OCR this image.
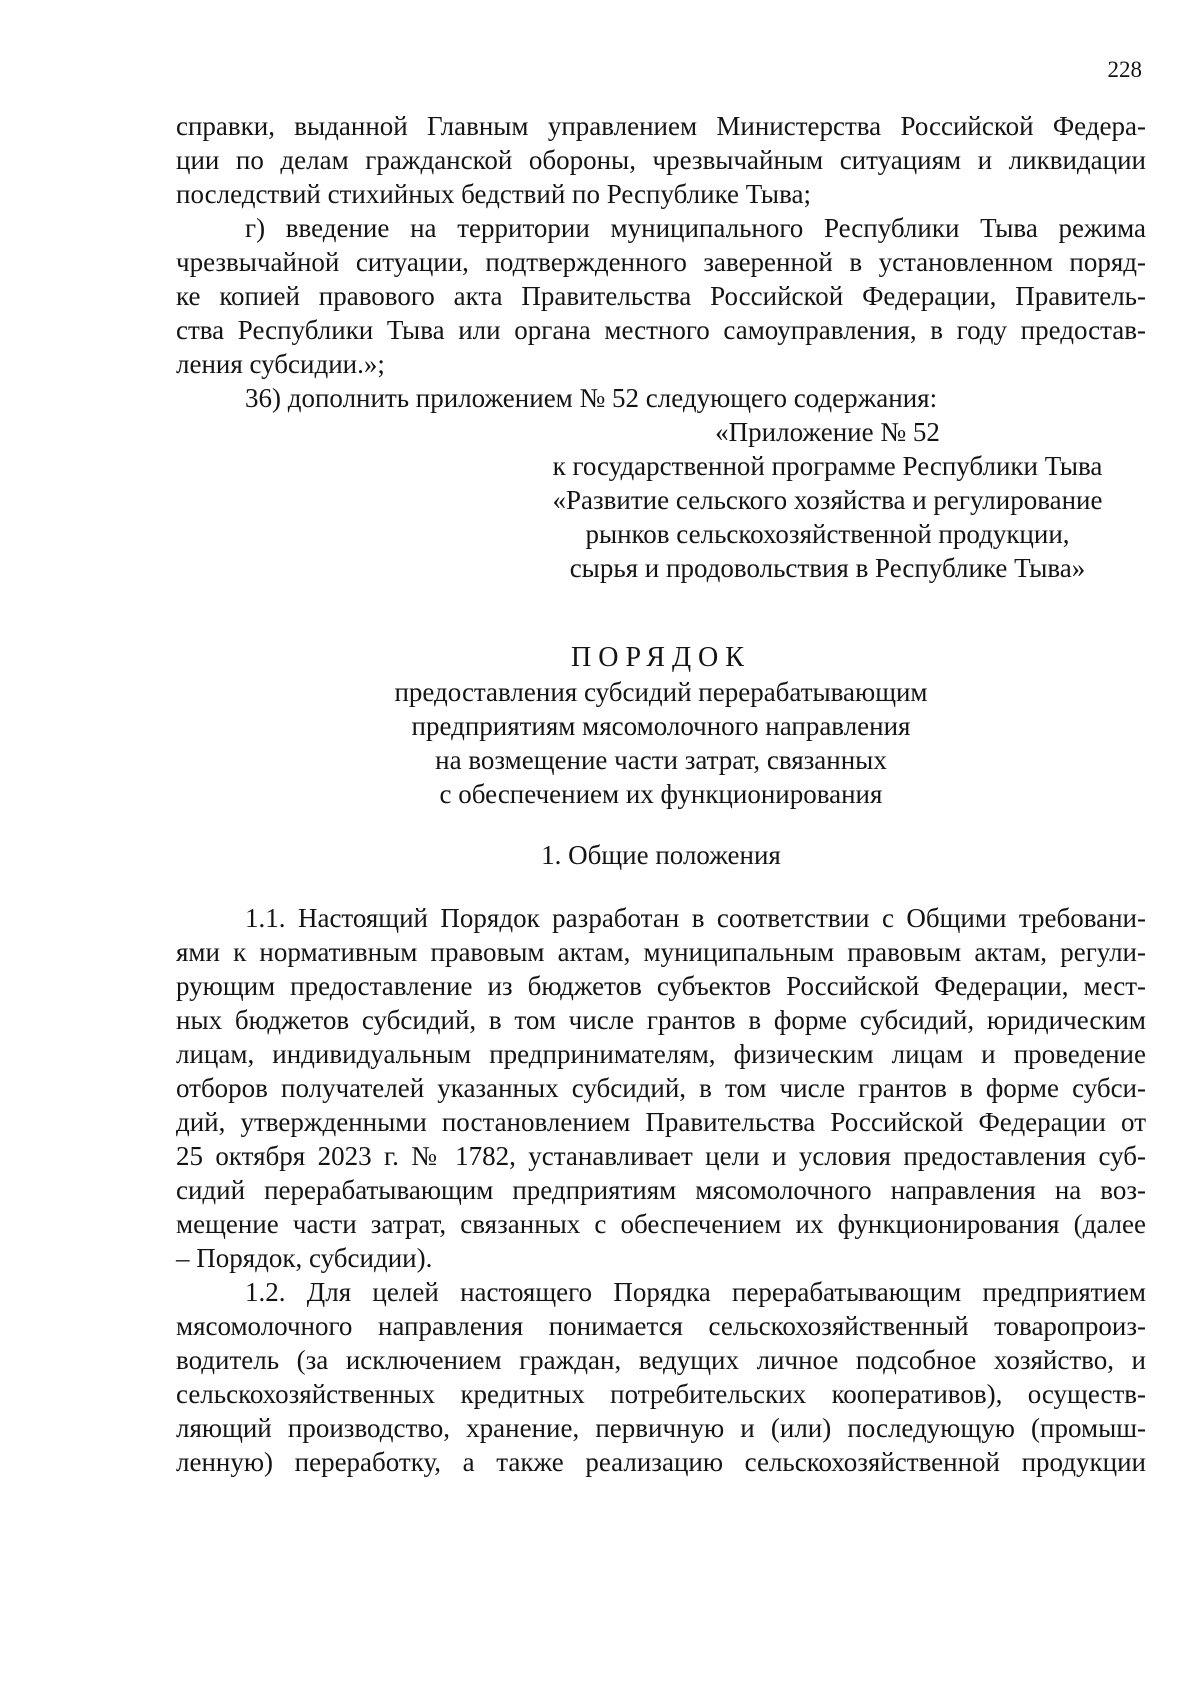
228
справки, выданной Главным управлением Министерства Российской Федера-
ции по делам гражданской обороны, чрезвычайным ситуациям и ликвидации
последствий стихийных бедствий по Республике Тыва;
г) введение на территории муниципального Республики Тыва режима
чрезвычайной ситуации, подтвержденного заверенной в установленном поряд-
ке копией правового акта Правительства Российской Федерации, Правитель-
ства Республики Тыва или органа местного самоуправления, в году предостав-
ления субсидии.»;
36) дополнить приложением № 52 следующего содержания:
«Приложение № 52
к государственной программе Республики Тыва
«Развитие сельского хозяйства и регулирование
рынков сельскохозяйственной продукции,
сырья и продовольствия в Республике Тыва»
ПОРЯДОК
предоставления субсидий перерабатывающим
предприятиям мясомолочного направления
на возмещение части затрат, связанных
с обеспечением их функционирования
1. Общие положения
1.1. Настоящий Порядок разработан в соответствии с Общими требовани-
ями к нормативным правовым актам, муниципальным правовым актам, регули-
рующим предоставление из бюджетов субъектов Российской Федерации, мест-
ных бюджетов субсидий, в том числе грантов в форме субсидий, юридическим
лицам, индивидуальным предпринимателям, физическим лицам и проведение
отборов получателей указанных субсидий, в том числе грантов в форме субси-
дий, утвержденными постановлением Правительства Российской Федерации от
25 октября 2023 г. № 1782, устанавливает цели и условия предоставления суб-
сидий перерабатывающим предприятиям мясомолочного направления на воз-
мещение части затрат, связанных с обеспечением их функционирования (далее
– Порядок, субсидии).
1.2. Для целей настоящего Порядка перерабатывающим предприятием
мясомолочного направления понимается сельскохозяйственный товаропроиз-
водитель (за исключением граждан, ведущих личное подсобное хозяйство, и
сельскохозяйственных кредитных потребительских кооперативов), осуществ-
ляющий производство, хранение, первичную и (или) последующую (промыш-
ленную) переработку, а также реализацию сельскохозяйственной продукции
